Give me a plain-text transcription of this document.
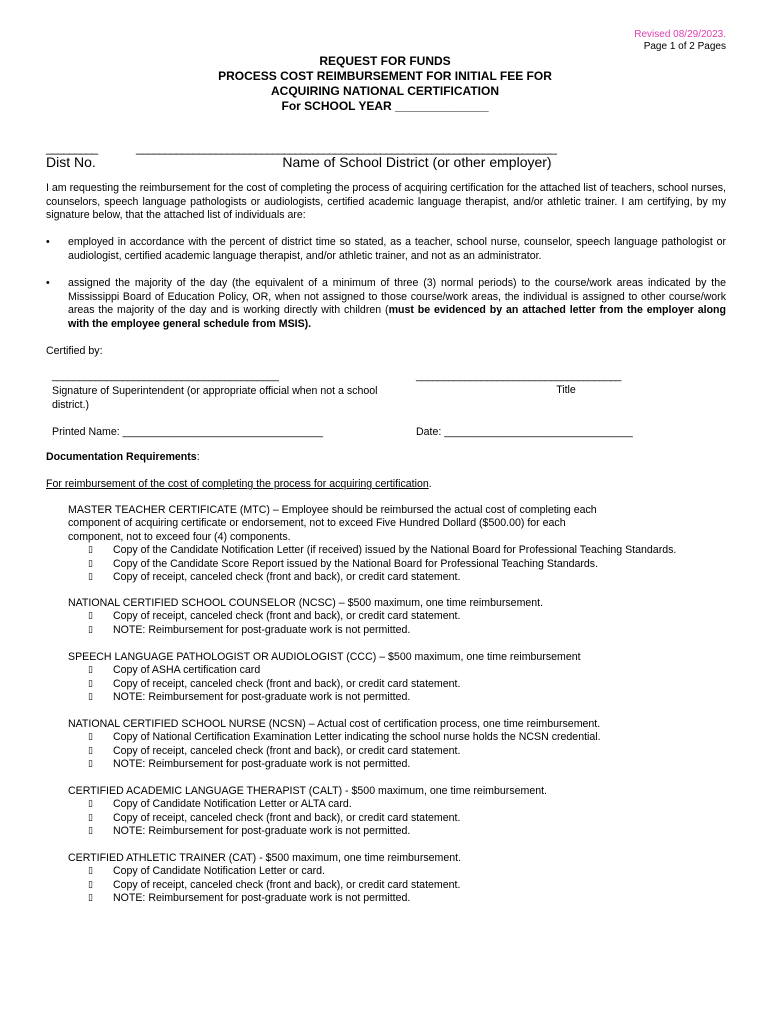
Revised 08/29/2023.
Page 1 of 2 Pages
REQUEST FOR FUNDS
PROCESS COST REIMBURSEMENT FOR INITIAL FEE FOR
ACQUIRING NATIONAL CERTIFICATION
For SCHOOL YEAR ______________
_________	__________________________________________________________________________
Dist No.	Name of School District (or other employer)
I am requesting the reimbursement for the cost of completing the process of acquiring certification for the attached list of teachers, school nurses, counselors, speech language pathologists or audiologists, certified academic language therapist, and/or athletic trainer. I am certifying, by my signature below, that the attached list of individuals are:
•	employed in accordance with the percent of district time so stated, as a teacher, school nurse, counselor, speech language pathologist or audiologist, certified academic language therapist, and/or athletic trainer, and not as an administrator.
•	assigned the majority of the day (the equivalent of a minimum of three (3) normal periods) to the course/work areas indicated by the Mississippi Board of Education Policy, OR, when not assigned to those course/work areas, the individual is assigned to other course/work areas the majority of the day and is working directly with children (must be evidenced by an attached letter from the employer along with the employee general schedule from MSIS).
Certified by:
__________________________________________
Signature of Superintendent (or appropriate official when not a school district.)
______________________________________
Title
Printed Name: __________________________________	Date: ________________________________
Documentation Requirements:
For reimbursement of the cost of completing the process for acquiring certification.
MASTER TEACHER CERTIFICATE (MTC) – Employee should be reimbursed the actual cost of completing each
component of acquiring certificate or endorsement, not to exceed Five Hundred Dollard ($500.00) for each
component, not to exceed four (4) components.
▯ Copy of the Candidate Notification Letter (if received) issued by the National Board for Professional Teaching Standards.
▯ Copy of the Candidate Score Report issued by the National Board for Professional Teaching Standards.
▯ Copy of receipt, canceled check (front and back), or credit card statement.
NATIONAL CERTIFIED SCHOOL COUNSELOR (NCSC) – $500 maximum, one time reimbursement.
▯ Copy of receipt, canceled check (front and back), or credit card statement.
▯ NOTE: Reimbursement for post-graduate work is not permitted.
SPEECH LANGUAGE PATHOLOGIST OR AUDIOLOGIST (CCC) – $500 maximum, one time reimbursement
▯ Copy of ASHA certification card
▯ Copy of receipt, canceled check (front and back), or credit card statement.
▯ NOTE: Reimbursement for post-graduate work is not permitted.
NATIONAL CERTIFIED SCHOOL NURSE (NCSN) – Actual cost of certification process, one time reimbursement.
▯ Copy of National Certification Examination Letter indicating the school nurse holds the NCSN credential.
▯ Copy of receipt, canceled check (front and back), or credit card statement.
▯ NOTE: Reimbursement for post-graduate work is not permitted.
CERTIFIED ACADEMIC LANGUAGE THERAPIST (CALT) - $500 maximum, one time reimbursement.
▯ Copy of Candidate Notification Letter or ALTA card.
▯ Copy of receipt, canceled check (front and back), or credit card statement.
▯ NOTE: Reimbursement for post-graduate work is not permitted.
CERTIFIED ATHLETIC TRAINER (CAT) - $500 maximum, one time reimbursement.
▯ Copy of Candidate Notification Letter or card.
▯ Copy of receipt, canceled check (front and back), or credit card statement.
▯ NOTE: Reimbursement for post-graduate work is not permitted.
